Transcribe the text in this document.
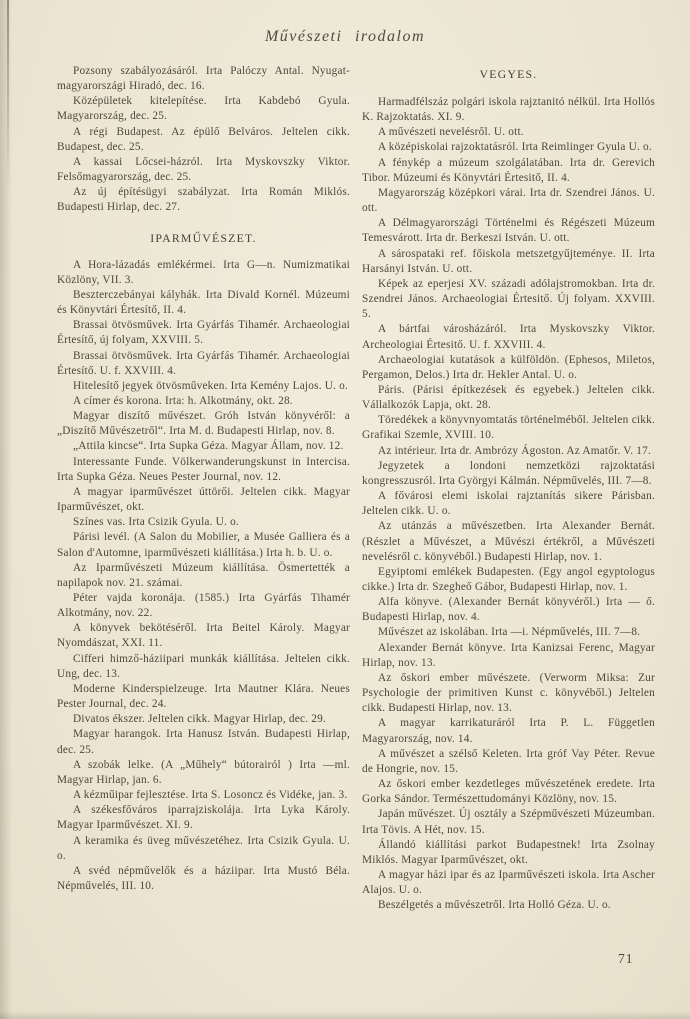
Művészeti irodalom

Pozsony szabályozásáról. Irta Palóczy Antal. Nyugat-magyarországi Hiradó, dec. 16.

Középületek kitelepítése. Irta Kabdebó Gyula. Magyarország, dec. 25.

A régi Budapest. Az épülő Belváros. Jeltelen cikk. Budapest, dec. 25.

A kassai Lőcsei-házról. Irta Myskovszky Viktor. Felsőmagyarország, dec. 25.

Az új építésügyi szabályzat. Irta Román Miklós. Budapesti Hirlap, dec. 27.

IPARMŰVÉSZET.

A Hora-lázadás emlékérmei. Irta G—n. Numizmatikai Közlöny, VII. 3.

Beszterczebányai kályhák. Irta Divald Kornél. Múzeumi és Könyvtári Értesítő, II. 4.

Brassai ötvösművek. Irta Gyárfás Tihamér. Archaeologiai Értesítő, új folyam, XXVIII. 5.

Brassai ötvösművek. Irta Gyárfás Tihamér. Archaeologiai Értesítő. U. f. XXVIII. 4.

Hitelesítő jegyek ötvösműveken. Irta Kemény Lajos. U. o.

A címer és korona. Irta: h. Alkotmány, okt. 28.

Magyar diszítő művészet. Gróh István könyvéről: a „Diszítő Művészetről“. Irta M. d. Budapesti Hirlap, nov. 8.

„Attila kincse“. Irta Supka Géza. Magyar Állam, nov. 12.

Interessante Funde. Völkerwanderungskunst in Intercisa. Irta Supka Géza. Neues Pester Journal, nov. 12.

A magyar iparművészet úttörői. Jeltelen cikk. Magyar Iparművészet, okt.

Színes vas. Irta Csizik Gyula. U. o.

Párisi levél. (A Salon du Mobilier, a Musée Galliera és a Salon d'Automne, iparművészeti kiállítása.) Irta h. b. U. o.

Az Iparművészeti Múzeum kiállítása. Ösmertették a napilapok nov. 21. számai.

Péter vajda koronája. (1585.) Irta Gyárfás Tihamér Alkotmány, nov. 22.

A könyvek bekötéséről. Irta Beitel Károly. Magyar Nyomdászat, XXI. 11.

Cifferi himző-háziipari munkák kiállítása. Jeltelen cikk. Ung, dec. 13.

Moderne Kinderspielzeuge. Irta Mautner Klára. Neues Pester Journal, dec. 24.

Divatos ékszer. Jeltelen cikk. Magyar Hirlap, dec. 29.

Magyar harangok. Irta Hanusz István. Budapesti Hirlap, dec. 25.

A szobák lelke. (A „Műhely“ bútorairól ) Irta —ml. Magyar Hirlap, jan. 6.

A kézműipar fejlesztése. Irta S. Losoncz és Vidéke, jan. 3.

A székesfőváros iparrajziskolája. Irta Lyka Károly. Magyar Iparművészet. XI. 9.

A keramika és üveg művészetéhez. Irta Csizik Gyula. U. o.

A svéd népművelők és a háziipar. Irta Mustó Béla. Népművelés, III. 10.

VEGYES.

Harmadfélszáz polgári iskola rajztanitó nélkül. Irta Hollós K. Rajzoktatás. XI. 9.

A művészeti nevelésről. U. ott.

A középiskolai rajzoktatásról. Irta Reimlinger Gyula U. o.

A fénykép a múzeum szolgálatában. Irta dr. Gerevich Tibor. Múzeumi és Könyvtári Értesitő, II. 4.

Magyarország középkori várai. Irta dr. Szendrei János. U. ott.

A Délmagyarországi Történelmi és Régészeti Múzeum Temesvárott. Irta dr. Berkeszi István. U. ott.

A sárospataki ref. főiskola metszetgyűjteménye. II. Irta Harsányi István. U. ott.

Képek az eperjesi XV. századi adólajstromokban. Irta dr. Szendrei János. Archaeologiai Értesitő. Új folyam. XXVIII. 5.

A bártfai városházáról. Irta Myskovszky Viktor. Archeologiai Értesitő. U. f. XXVIII. 4.

Archaeologiai kutatások a külföldön. (Ephesos, Miletos, Pergamon, Delos.) Irta dr. Hekler Antal. U. o.

Páris. (Párisi építkezések és egyebek.) Jeltelen cikk. Vállalkozók Lapja, okt. 28.

Töredékek a könyvnyomtatás történelméből. Jeltelen cikk. Grafikai Szemle, XVIII. 10.

Az intérieur. Irta dr. Ambrózy Ágoston. Az Amatőr. V. 17.

Jegyzetek a londoni nemzetközi rajzoktatási kongresszusról. Irta Györgyi Kálmán. Népművelés, III. 7—8.

A fővárosi elemi iskolai rajztanítás sikere Párisban. Jeltelen cikk. U. o.

Az utánzás a művészetben. Irta Alexander Bernát. (Részlet a Művészet, a Művészi értékről, a Művészeti nevelésről c. könyvéből.) Budapesti Hirlap, nov. 1.

Egyiptomi emlékek Budapesten. (Egy angol egyptologus cikke.) Irta dr. Szegheő Gábor, Budapesti Hirlap, nov. 1.

Alfa könyve. (Alexander Bernát könyvéről.) Irta — ő. Budapesti Hirlap, nov. 4.

Művészet az iskolában. Irta —i. Népművelés, III. 7—8.

Alexander Bernát könyve. Irta Kanizsai Ferenc, Magyar Hirlap, nov. 13.

Az őskori ember művészete. (Verworm Miksa: Zur Psychologie der primitiven Kunst c. könyvéből.) Jeltelen cikk. Budapesti Hirlap, nov. 13.

A magyar karrikaturáról Irta P. L. Független Magyarország, nov. 14.

A művészet a szélső Keleten. Irta gróf Vay Péter. Revue de Hongrie, nov. 15.

Az őskori ember kezdetleges művészetének eredete. Irta Gorka Sándor. Természettudományi Közlöny, nov. 15.

Japán művészet. Új osztály a Szépművészeti Múzeumban. Irta Tövis. A Hét, nov. 15.

Állandó kiállítási parkot Budapestnek! Irta Zsolnay Miklós. Magyar Iparművészet, okt.

A magyar házi ipar és az Iparművészeti iskola. Irta Ascher Alajos. U. o.

Beszélgetés a művészetről. Irta Holló Géza. U. o.

71
